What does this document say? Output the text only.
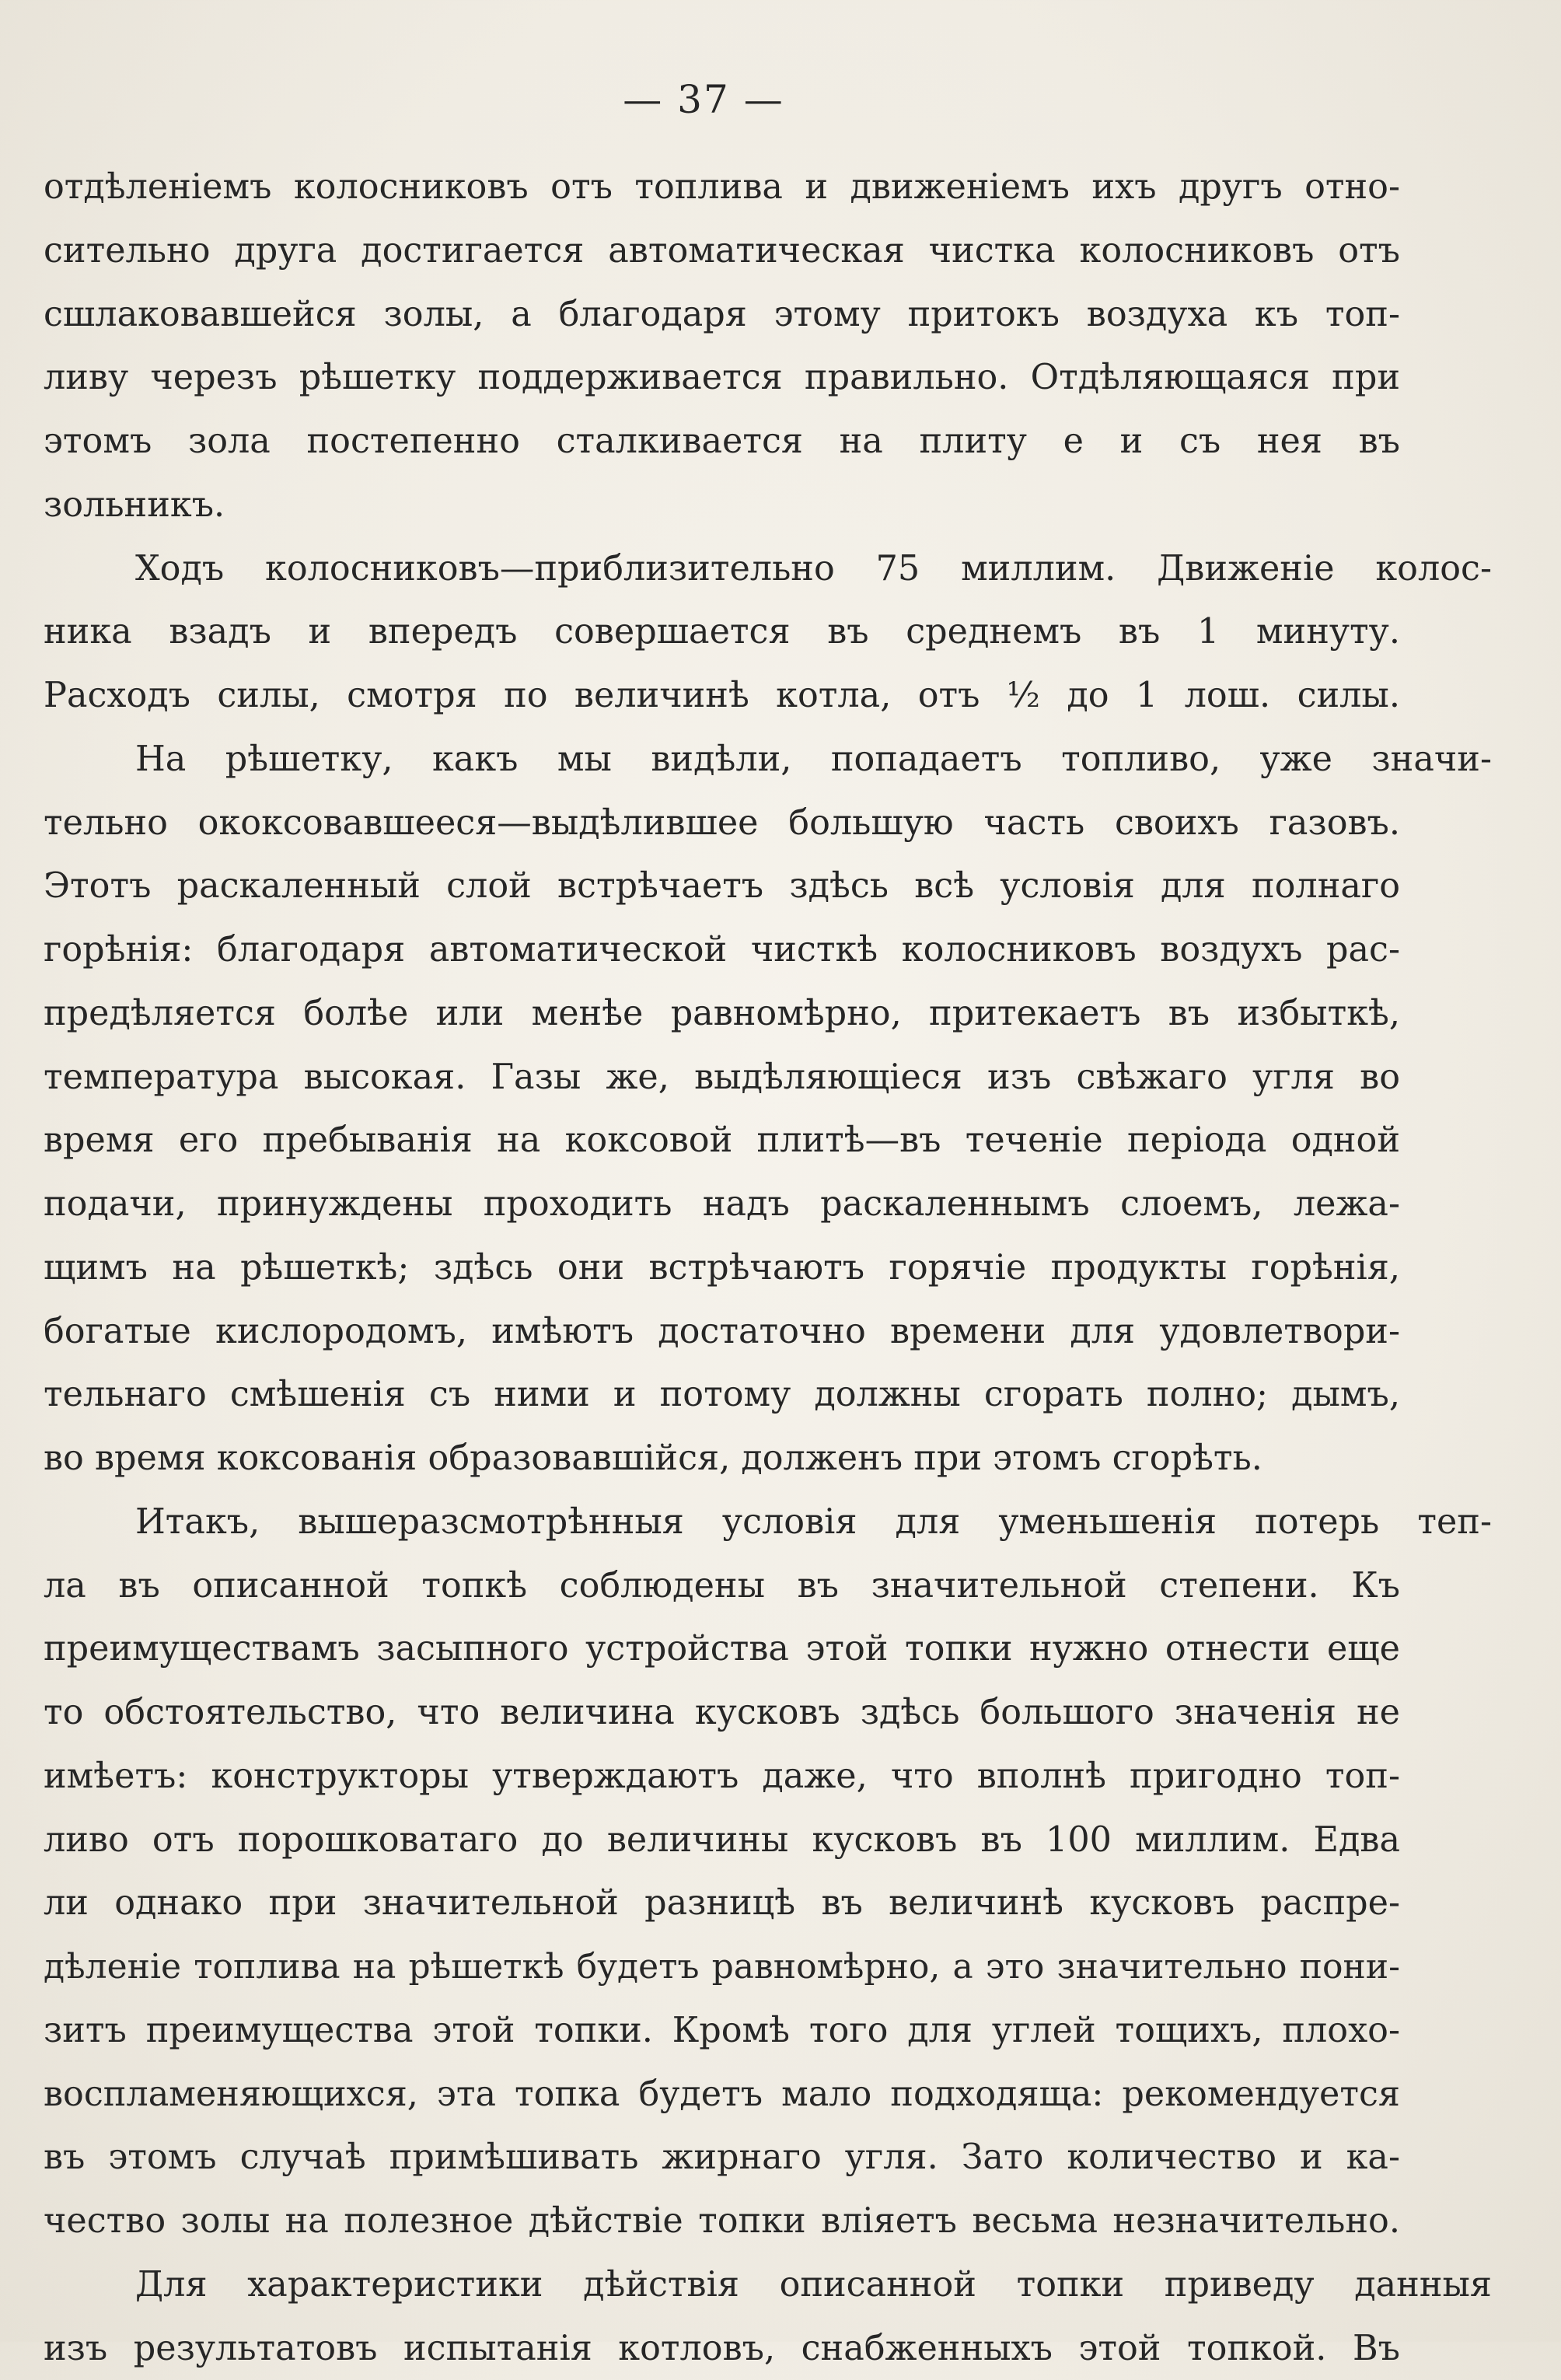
— 37 —
отдѣленіемъ колосниковъ отъ топлива и движеніемъ ихъ другъ отно-
сительно друга достигается автоматическая чистка колосниковъ отъ
сшлаковавшейся золы, а благодаря этому притокъ воздуха къ топ-
ливу черезъ рѣшетку поддерживается правильно. Отдѣляющаяся при
этомъ зола постепенно сталкивается на плиту е и съ нея въ
зольникъ.
Ходъ колосниковъ—приблизительно 75 миллим. Движеніе колос-
ника взадъ и впередъ совершается въ среднемъ въ 1 минуту.
Расходъ силы, смотря по величинѣ котла, отъ ½ до 1 лош. силы.
На рѣшетку, какъ мы видѣли, попадаетъ топливо, уже значи-
тельно ококсовавшееся—выдѣлившее большую часть своихъ газовъ.
Этотъ раскаленный слой встрѣчаетъ здѣсь всѣ условія для полнаго
горѣнія: благодаря автоматической чисткѣ колосниковъ воздухъ рас-
предѣляется болѣе или менѣе равномѣрно, притекаетъ въ избыткѣ,
температура высокая. Газы же, выдѣляющіеся изъ свѣжаго угля во
время его пребыванія на коксовой плитѣ—въ теченіе періода одной
подачи, принуждены проходить надъ раскаленнымъ слоемъ, лежа-
щимъ на рѣшеткѣ; здѣсь они встрѣчаютъ горячіе продукты горѣнія,
богатые кислородомъ, имѣютъ достаточно времени для удовлетвори-
тельнаго смѣшенія съ ними и потому должны сгорать полно; дымъ,
во время коксованія образовавшійся, долженъ при этомъ сгорѣть.
Итакъ, вышеразсмотрѣнныя условія для уменьшенія потерь теп-
ла въ описанной топкѣ соблюдены въ значительной степени. Къ
преимуществамъ засыпного устройства этой топки нужно отнести еще
то обстоятельство, что величина кусковъ здѣсь большого значенія не
имѣетъ: конструкторы утверждаютъ даже, что вполнѣ пригодно топ-
ливо отъ порошковатаго до величины кусковъ въ 100 миллим. Едва
ли однако при значительной разницѣ въ величинѣ кусковъ распре-
дѣленіе топлива на рѣшеткѣ будетъ равномѣрно, а это значительно пони-
зитъ преимущества этой топки. Кромѣ того для углей тощихъ, плохо-
воспламеняющихся, эта топка будетъ мало подходяща: рекомендуется
въ этомъ случаѣ примѣшивать жирнаго угля. Зато количество и ка-
чество золы на полезное дѣйствіе топки вліяетъ весьма незначительно.
Для характеристики дѣйствія описанной топки приведу данныя
изъ результатовъ испытанія котловъ, снабженныхъ этой топкой. Въ
